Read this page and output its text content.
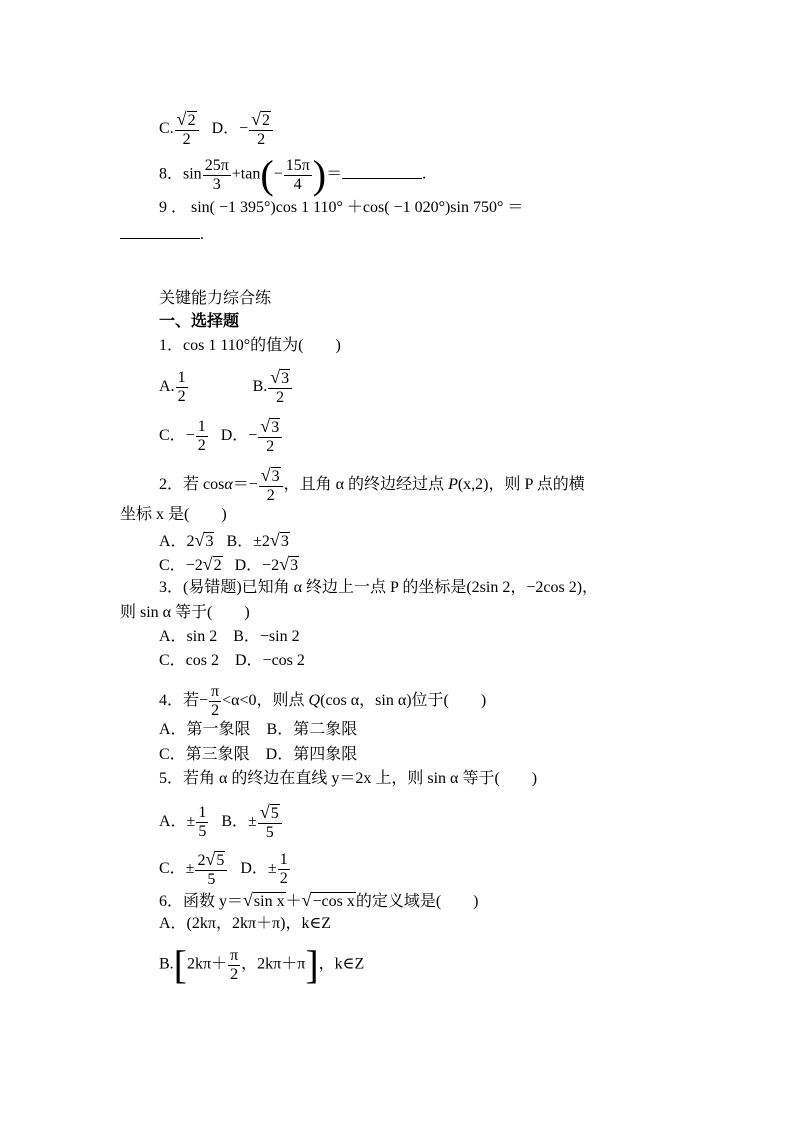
C. $\frac{√2}{2}$ D．− $\frac{√2}{2}$
8．$\sin \frac{25\pi}{3} +\tan(- \frac{15\pi}{4}$ )＝	.
9 ． sin( −1 395°)cos 1 110° ＋cos( −1 020°)sin 750° ＝
.
关键能力综合练
一、选择题
1．cos 1 110°的值为(　　)
A. $\frac{1}{2}$	B. $\frac{√3}{2}$
C．− $\frac{1}{2}$ D．− $\frac{√3}{2}$
2．若 $\cos\alpha=- \frac{√3}{2}$ ，且角 α 的终边经过点 P(x,2)，则 P 点的横
坐标 x 是(　　)
A．2√3 B．±2√3
C．−2√2 D．−2√3
3．(易错题)已知角 α 终边上一点 P 的坐标是(2sin 2，−2cos 2)，
则 sin α 等于(　　)
A．sin 2　B．−sin 2
C．cos 2　D．−cos 2
4．若− $\frac{\pi}{2} <\alpha<0$，则点 Q(cos α，sin α)位于(　　)
A．第一象限　B．第二象限
C．第三象限　D．第四象限
5．若角 α 的终边在直线 y＝2x 上，则 sin α 等于(　　)
A．± $\frac{1}{5}$ B．± $\frac{√5}{5}$
C．± $\frac{2√5}{5}$ D．± $\frac{1}{2}$
6．函数 y＝√sin x＋√−cos x的定义域是(　　)
A．(2kπ，2kπ＋π)，k∈Z
$B.[2k\pi+ \frac{\pi}{2}$ ，2kπ＋π]，k∈Z
